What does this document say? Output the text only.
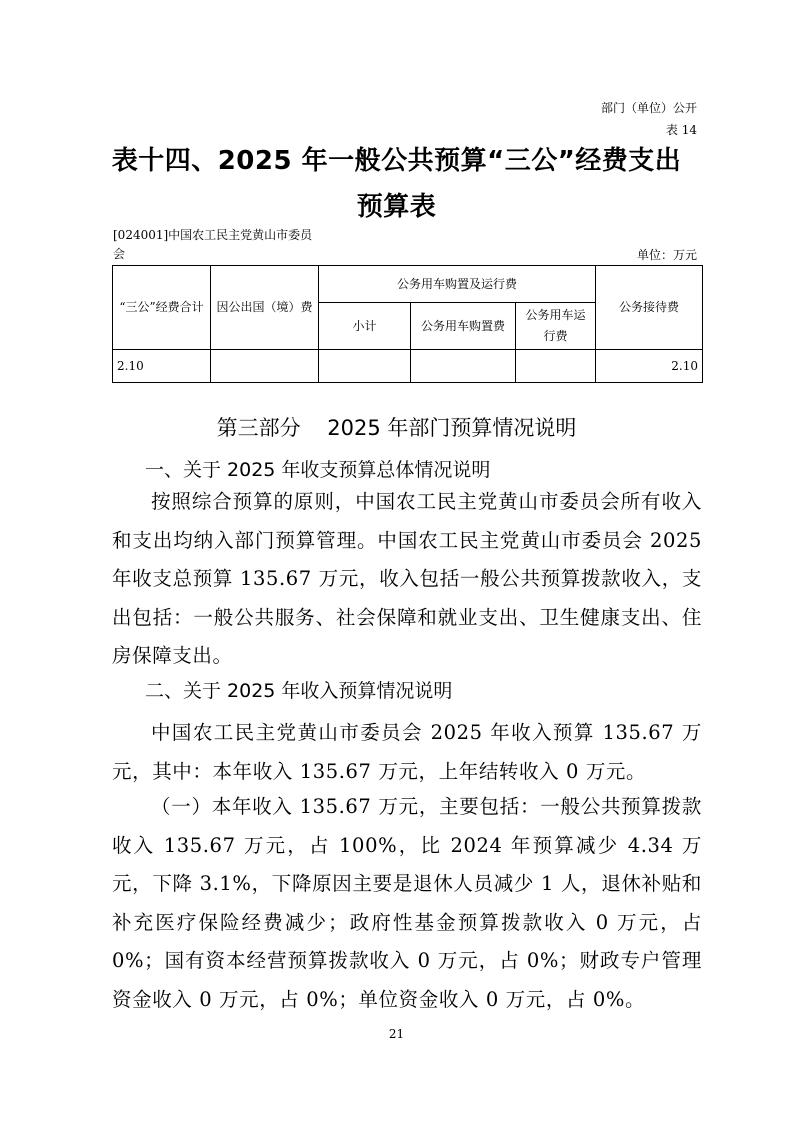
部门（单位）公开
表 14
表十四、2025 年一般公共预算“三公”经费支出
预算表
[024001]中国农工民主党黄山市委员会	单位：万元
“三公”经费合计	因公出国（境）费	公务用车购置及运行费			公务接待费
		小计	公务用车购置费	公务用车运行费	
2.10					2.10
第三部分    2025 年部门预算情况说明
一、关于 2025 年收支预算总体情况说明
按照综合预算的原则，中国农工民主党黄山市委员会所有收入和支出均纳入部门预算管理。中国农工民主党黄山市委员会 2025 年收支总预算 135.67 万元，收入包括一般公共预算拨款收入，支出包括：一般公共服务、社会保障和就业支出、卫生健康支出、住房保障支出。
二、关于 2025 年收入预算情况说明
中国农工民主党黄山市委员会 2025 年收入预算 135.67 万元，其中：本年收入 135.67 万元，上年结转收入 0 万元。
（一）本年收入 135.67 万元，主要包括：一般公共预算拨款收入 135.67 万元，占 100%，比 2024 年预算减少 4.34 万元，下降 3.1%，下降原因主要是退休人员减少 1 人，退休补贴和补充医疗保险经费减少；政府性基金预算拨款收入 0 万元，占 0%；国有资本经营预算拨款收入 0 万元，占 0%；财政专户管理资金收入 0 万元，占 0%；单位资金收入 0 万元，占 0%。
21
